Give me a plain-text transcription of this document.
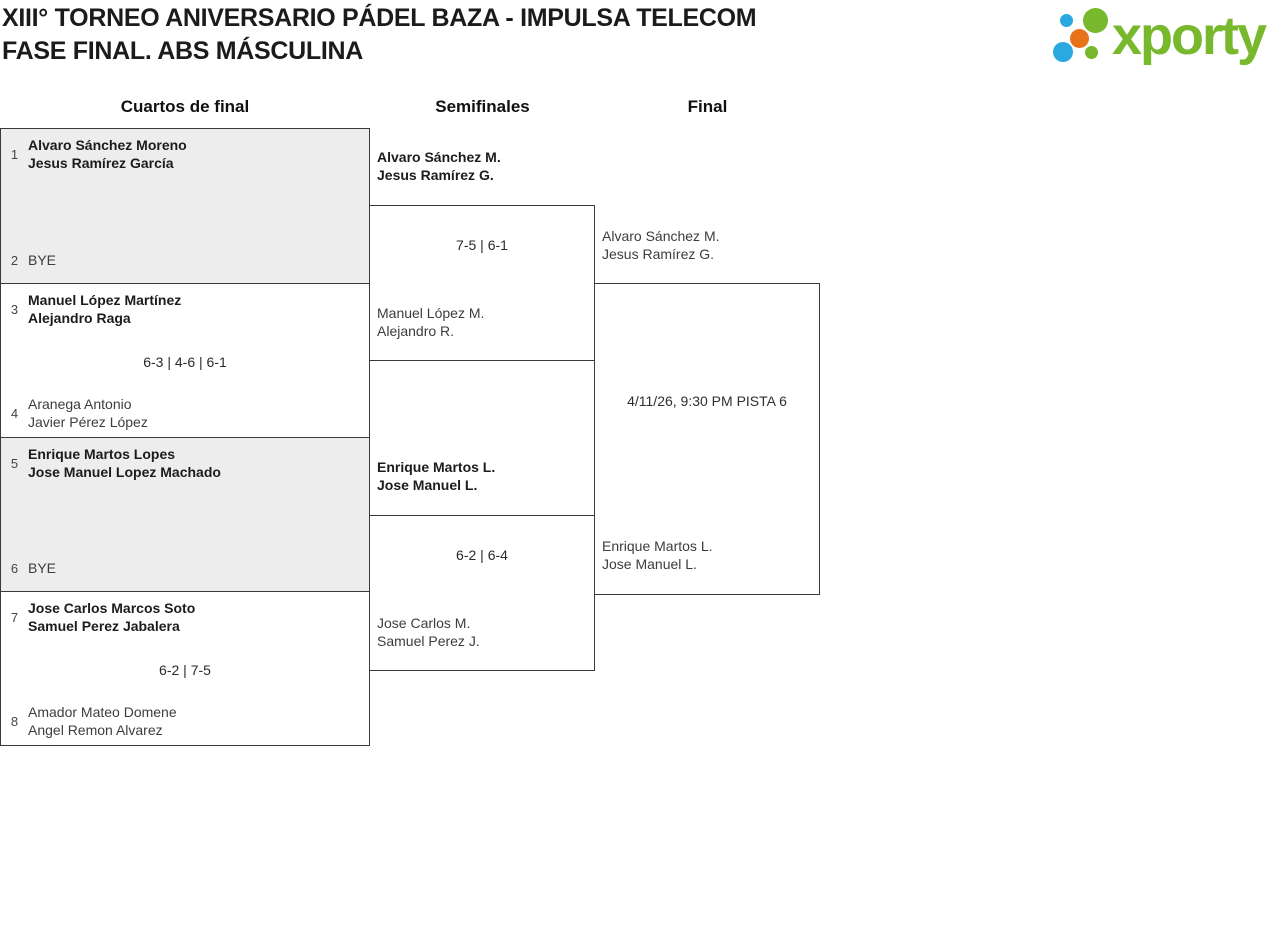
XIII° TORNEO ANIVERSARIO PÁDEL BAZA - IMPULSA TELECOM
FASE FINAL. ABS MÁSCULINA	xporty
Cuartos de final	Semifinales	Final
1
Alvaro Sánchez Moreno
Jesus Ramírez García
2 BYE
3
Manuel López Martínez
Alejandro Raga
6-3 | 4-6 | 6-1
4
Aranega Antonio
Javier Pérez López
5
Enrique Martos Lopes
Jose Manuel Lopez Machado
6 BYE
7
Jose Carlos Marcos Soto
Samuel Perez Jabalera
6-2 | 7-5
8
Amador Mateo Domene
Angel Remon Alvarez
7-5 | 6-1
6-2 | 6-4
4/11/26, 9:30 PM PISTA 6
Alvaro Sánchez M.
Jesus Ramírez G.
Manuel López M.
Alejandro R.
Enrique Martos L.
Jose Manuel L.
Jose Carlos M.
Samuel Perez J.
Alvaro Sánchez M.
Jesus Ramírez G.
Enrique Martos L.
Jose Manuel L.
